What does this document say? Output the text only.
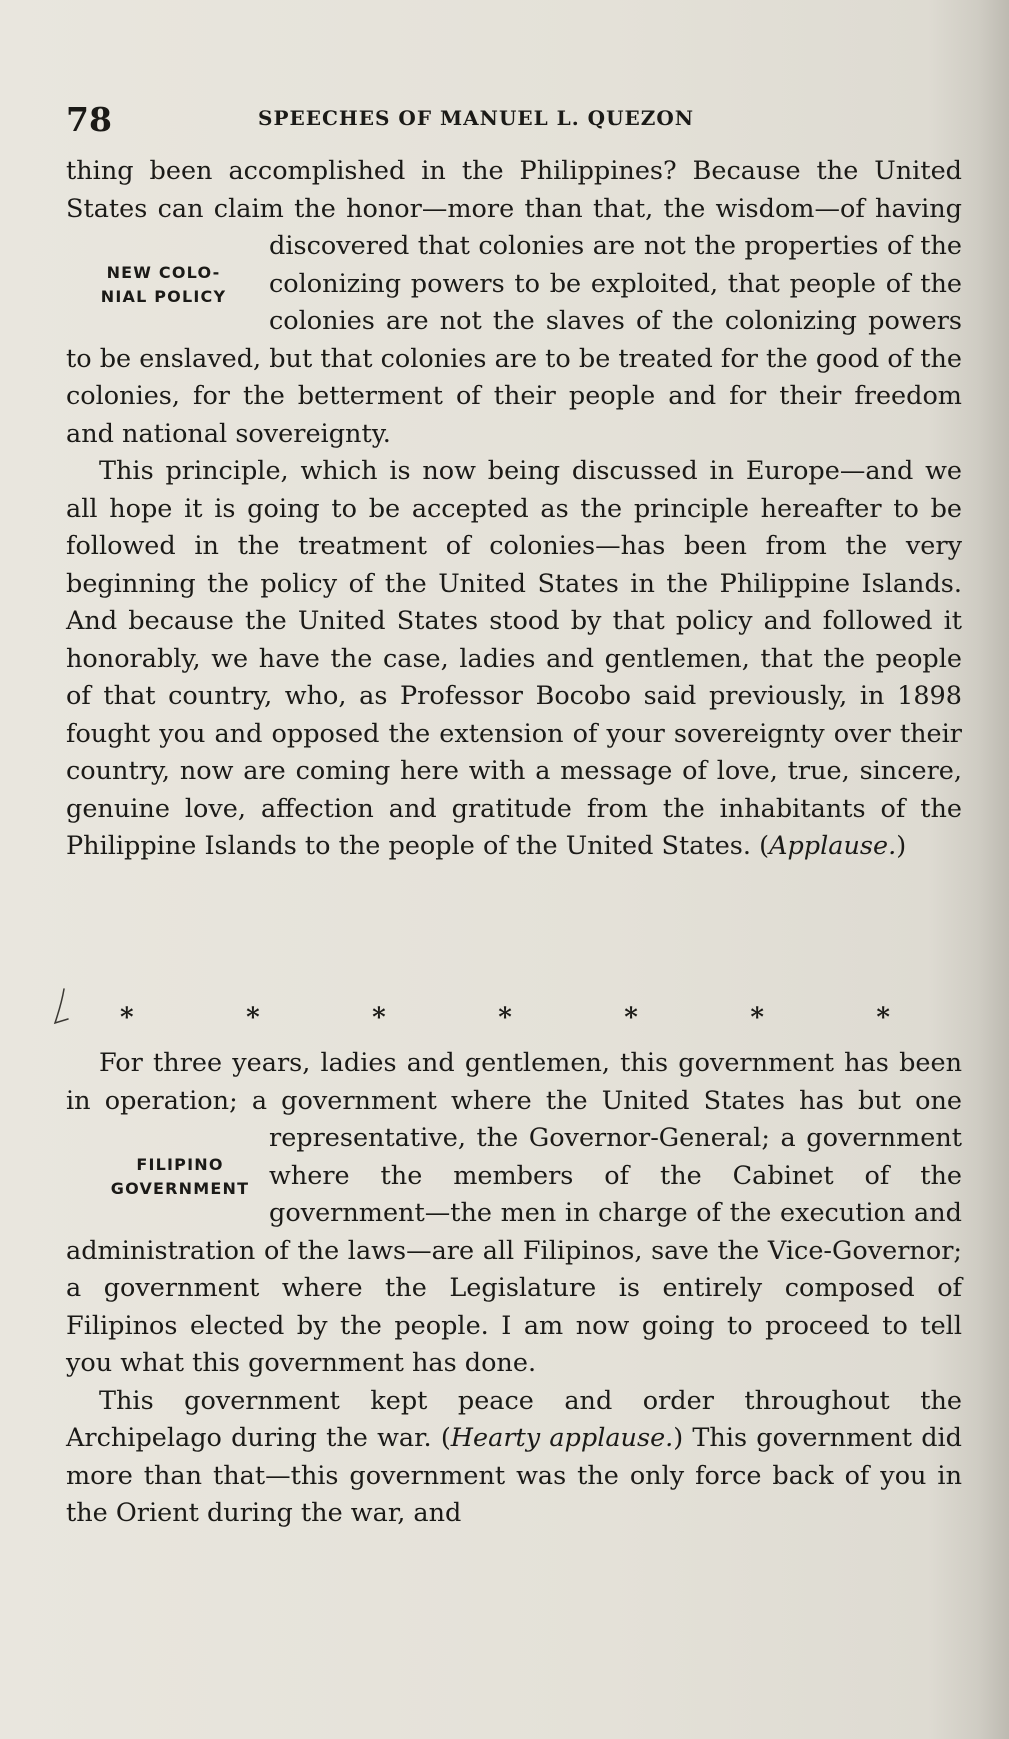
78	SPEECHES OF MANUEL L. QUEZON

thing been accomplished in the Philippines? Because the United States can claim the honor—more than that, the wisdom—of having discovered that colonies are not the
NEW COLO-
NIAL POLICY
properties of the colonizing powers to be exploited, that people of the colonies are not the slaves of the colonizing powers to be enslaved, but that colonies are to be treated for the good of the colonies, for the betterment of their people and for their freedom and national sovereignty.

This principle, which is now being discussed in Europe—and we all hope it is going to be accepted as the principle hereafter to be followed in the treatment of colonies—has been from the very beginning the policy of the United States in the Philippine Islands. And because the United States stood by that policy and followed it honorably, we have the case, ladies and gentlemen, that the people of that country, who, as Professor Bocobo said previously, in 1898 fought you and opposed the extension of your sovereignty over their country, now are coming here with a message of love, true, sincere, genuine love, affection and gratitude from the inhabitants of the Philippine Islands to the people of the United States. (Applause.)

*	*	*	*	*	*	*

For three years, ladies and gentlemen, this government has been in operation; a government where the United States has but one representative, the Governor-General;
FILIPINO
GOVERNMENT
a government where the members of the Cabinet of the government—the men in charge of the execution and administration of the laws—are all Filipinos, save the Vice-Governor; a government where the Legislature is entirely composed of Filipinos elected by the people. I am now going to proceed to tell you what this government has done.

This government kept peace and order throughout the Archipelago during the war. (Hearty applause.) This government did more than that—this government was the only force back of you in the Orient during the war, and
